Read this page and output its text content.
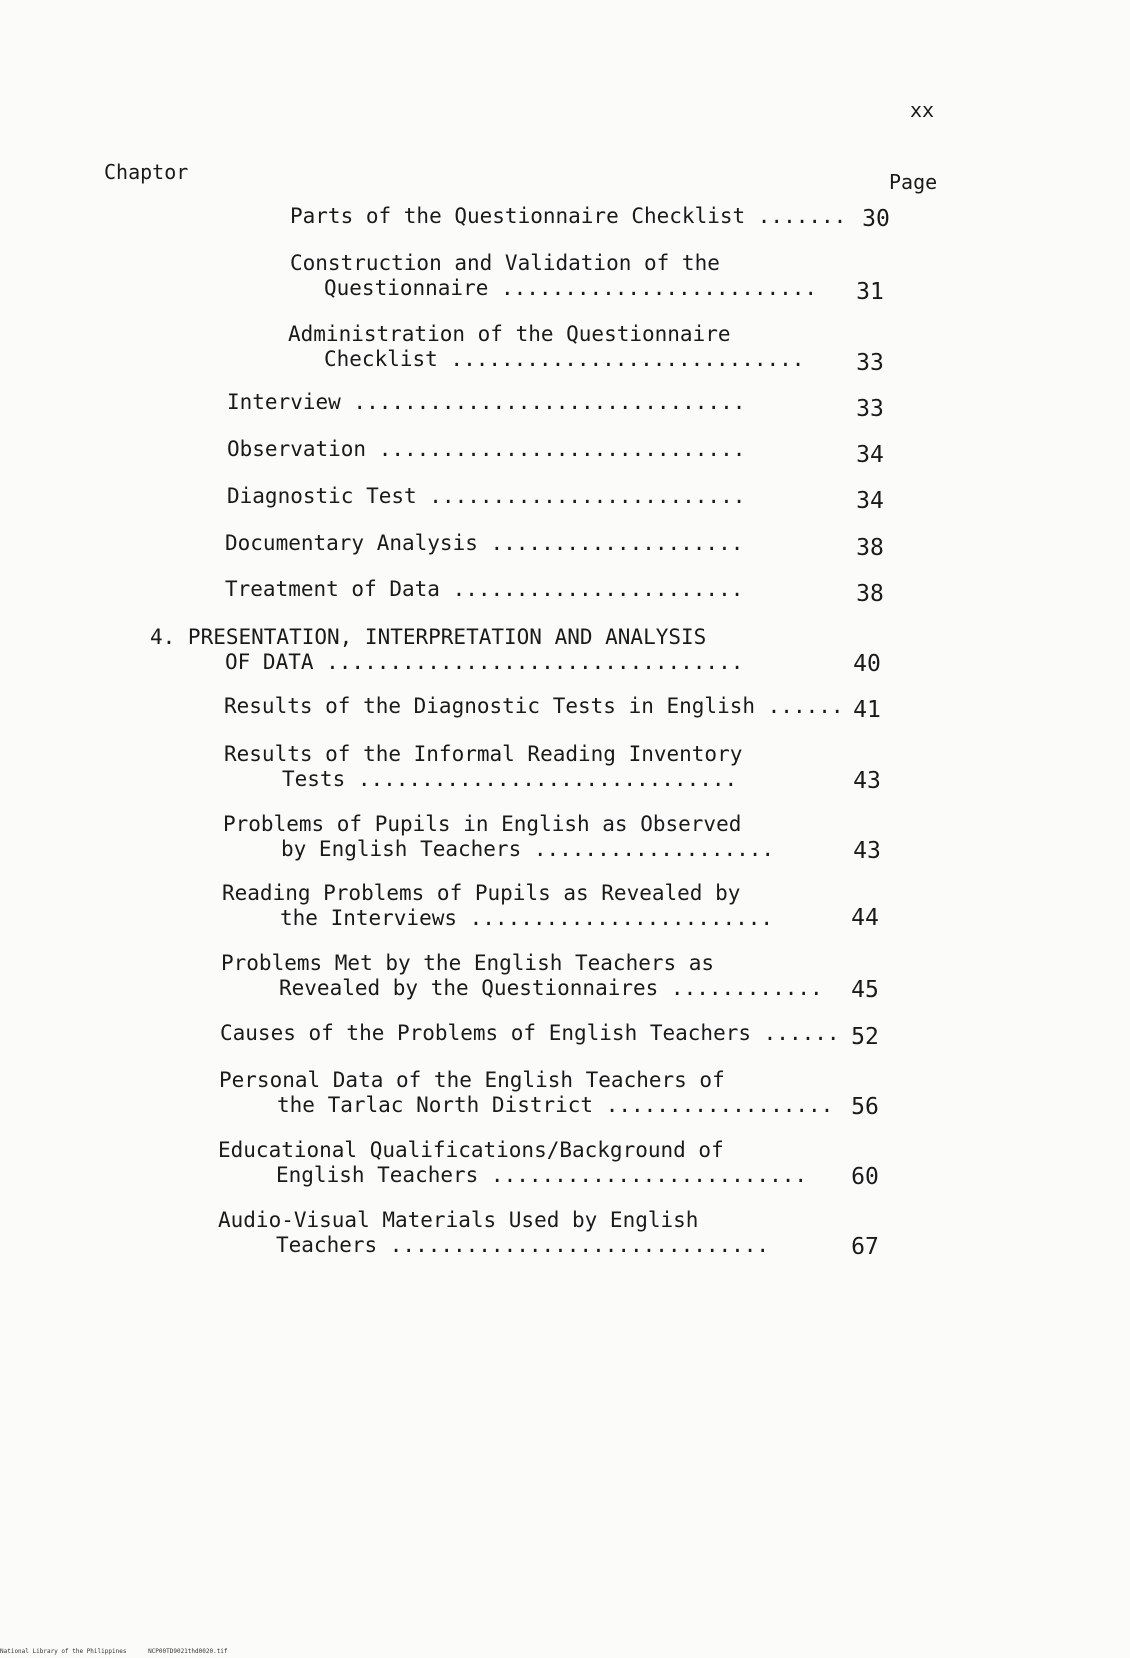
xx
Chaptor	Page
Parts of the Questionnaire Checklist ....... 30
Construction and Validation of the
Questionnaire .........................	31
Administration of the Questionnaire
Checklist ............................	33
Interview ...............................	33
Observation .............................	34
Diagnostic Test .........................	34
Documentary Analysis ....................	38
Treatment of Data .......................	38
4. PRESENTATION, INTERPRETATION AND ANALYSIS
OF DATA .................................	40
Results of the Diagnostic Tests in English ...... 41
Results of the Informal Reading Inventory
Tests ..............................	43
Problems of Pupils in English as Observed
by English Teachers ...................	43
Reading Problems of Pupils as Revealed by
the Interviews ........................	44
Problems Met by the English Teachers as
Revealed by the Questionnaires ............	45
Causes of the Problems of English Teachers ...... 52
Personal Data of the English Teachers of
the Tarlac North District .................. 56
Educational Qualifications/Background of
English Teachers .........................	60
Audio-Visual Materials Used by English
Teachers ..............................	67
National Library of the Philippines	NCP00TD9021thd0020.tif
